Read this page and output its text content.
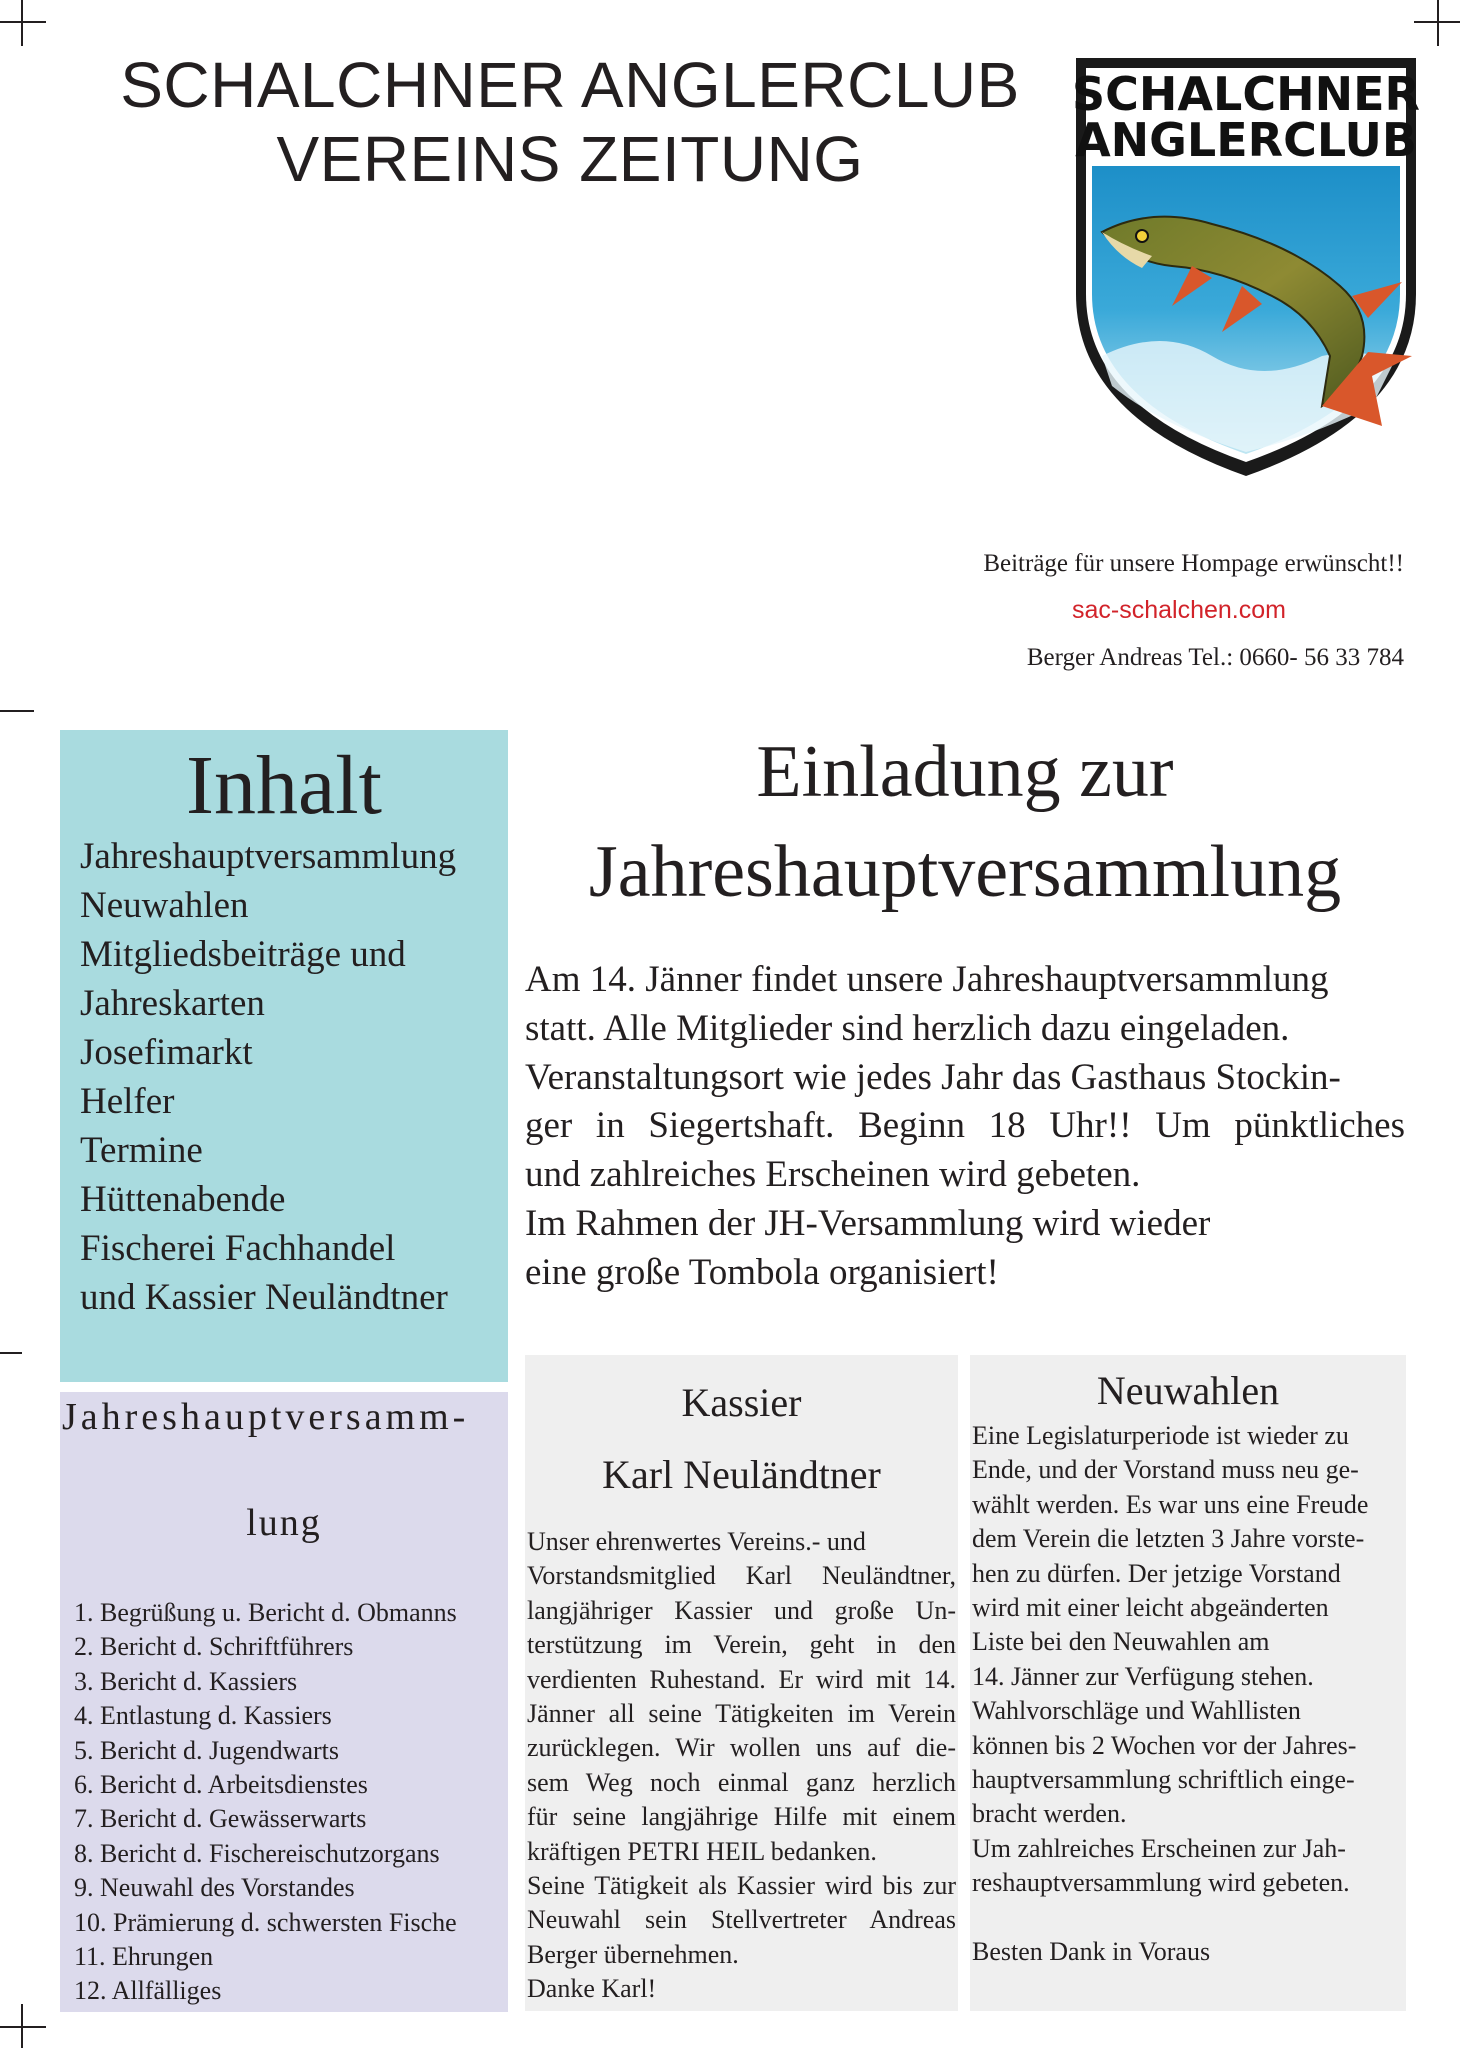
SCHALCHNER ANGLERCLUB
VEREINS ZEITUNG
SCHALCHNER
ANGLERCLUB
Beiträge für unsere Hompage erwünscht!!
sac-schalchen.com
Berger Andreas Tel.: 0660- 56 33 784
Inhalt
Jahreshauptversammlung
Neuwahlen
Mitgliedsbeiträge und
Jahreskarten
Josefimarkt
Helfer
Termine
Hüttenabende
Fischerei Fachhandel
und Kassier Neuländtner
Jahreshauptversamm-
lung
1. Begrüßung u. Bericht d. Obmanns
2. Bericht d. Schriftführers
3. Bericht d. Kassiers
4. Entlastung d. Kassiers
5. Bericht d. Jugendwarts
6. Bericht d. Arbeitsdienstes
7. Bericht d. Gewässerwarts
8. Bericht d. Fischereischutzorgans
9. Neuwahl des Vorstandes
10. Prämierung d. schwersten Fische
11. Ehrungen
12. Allfälliges
Einladung zur
Jahreshauptversammlung
Am 14. Jänner findet unsere Jahreshauptversammlung
statt. Alle Mitglieder sind herzlich dazu eingeladen.
Veranstaltungsort wie jedes Jahr das Gasthaus Stockin-
ger in Siegertshaft. Beginn 18 Uhr!! Um pünktliches
und zahlreiches Erscheinen wird gebeten.
Im Rahmen der JH-Versammlung wird wieder
eine große Tombola organisiert!
Kassier
Karl Neuländtner
Unser ehrenwertes Vereins.- und
Vorstandsmitglied Karl Neuländtner,
langjähriger Kassier und große Un-
terstützung im Verein, geht in den
verdienten Ruhestand. Er wird mit 14.
Jänner all seine Tätigkeiten im Verein
zurücklegen. Wir wollen uns auf die-
sem Weg noch einmal ganz herzlich
für seine langjährige Hilfe mit einem
kräftigen PETRI HEIL bedanken.
Seine Tätigkeit als Kassier wird bis zur
Neuwahl sein Stellvertreter Andreas
Berger übernehmen.
Danke Karl!
Neuwahlen
Eine Legislaturperiode ist wieder zu
Ende, und der Vorstand muss neu ge-
wählt werden. Es war uns eine Freude
dem Verein die letzten 3 Jahre vorste-
hen zu dürfen. Der jetzige Vorstand
wird mit einer leicht abgeänderten
Liste bei den Neuwahlen am
14. Jänner zur Verfügung stehen.
Wahlvorschläge und Wahllisten
können bis 2 Wochen vor der Jahres-
hauptversammlung schriftlich einge-
bracht werden.
Um zahlreiches Erscheinen zur Jah-
reshauptversammlung wird gebeten.
Besten Dank in Voraus
